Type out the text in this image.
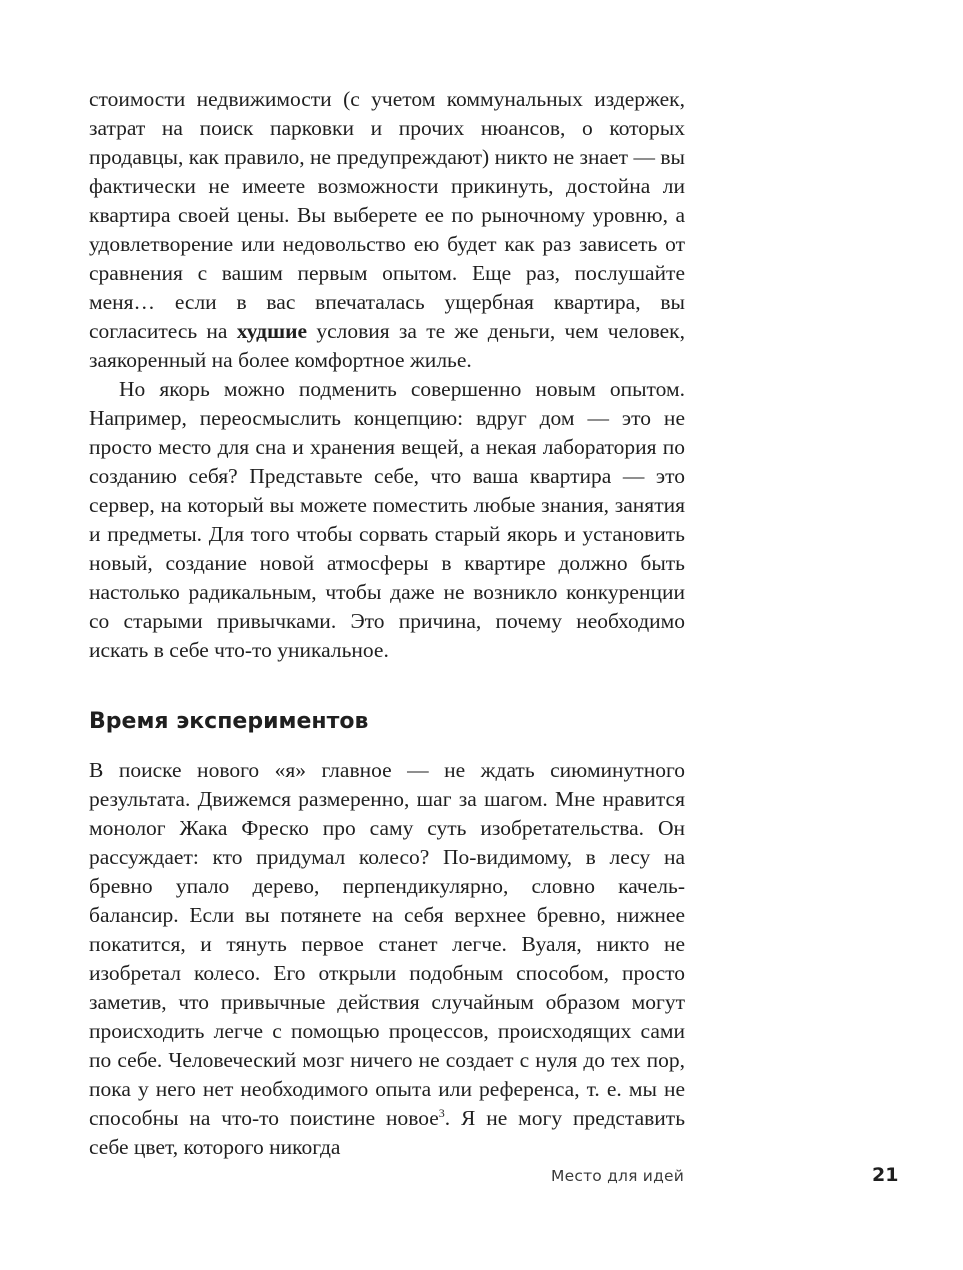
стоимости недвижимости (с учетом коммунальных издержек, затрат на поиск парковки и прочих нюансов, о которых продавцы, как правило, не предупреждают) никто не знает — вы фактически не имеете возможности прикинуть, достойна ли квартира своей цены. Вы выберете ее по рыночному уровню, а удовлетворение или недовольство ею будет как раз зависеть от сравнения с вашим первым опытом. Еще раз, послушайте меня… если в вас впечаталась ущербная квартира, вы согласитесь на худшие условия за те же деньги, чем человек, заякоренный на более комфортное жилье.

Но якорь можно подменить совершенно новым опытом. Например, переосмыслить концепцию: вдруг дом — это не просто место для сна и хранения вещей, а некая лаборатория по созданию себя? Представьте себе, что ваша квартира — это сервер, на который вы можете поместить любые знания, занятия и предметы. Для того чтобы сорвать старый якорь и установить новый, создание новой атмосферы в квартире должно быть настолько радикальным, чтобы даже не возникло конкуренции со старыми привычками. Это причина, почему необходимо искать в себе что-то уникальное.

Время экспериментов

В поиске нового «я» главное — не ждать сиюминутного результата. Движемся размеренно, шаг за шагом. Мне нравится монолог Жака Фреско про саму суть изобретательства. Он рассуждает: кто придумал колесо? По-видимому, в лесу на бревно упало дерево, перпендикулярно, словно качель-балансир. Если вы потянете на себя верхнее бревно, нижнее покатится, и тянуть первое станет легче. Вуаля, никто не изобретал колесо. Его открыли подобным способом, просто заметив, что привычные действия случайным образом могут происходить легче с помощью процессов, происходящих сами по себе. Человеческий мозг ничего не создает с нуля до тех пор, пока у него нет необходимого опыта или референса, т. е. мы не способны на что-то поистине новое$^3$. Я не могу представить себе цвет, которого никогда

Место для идей	21
